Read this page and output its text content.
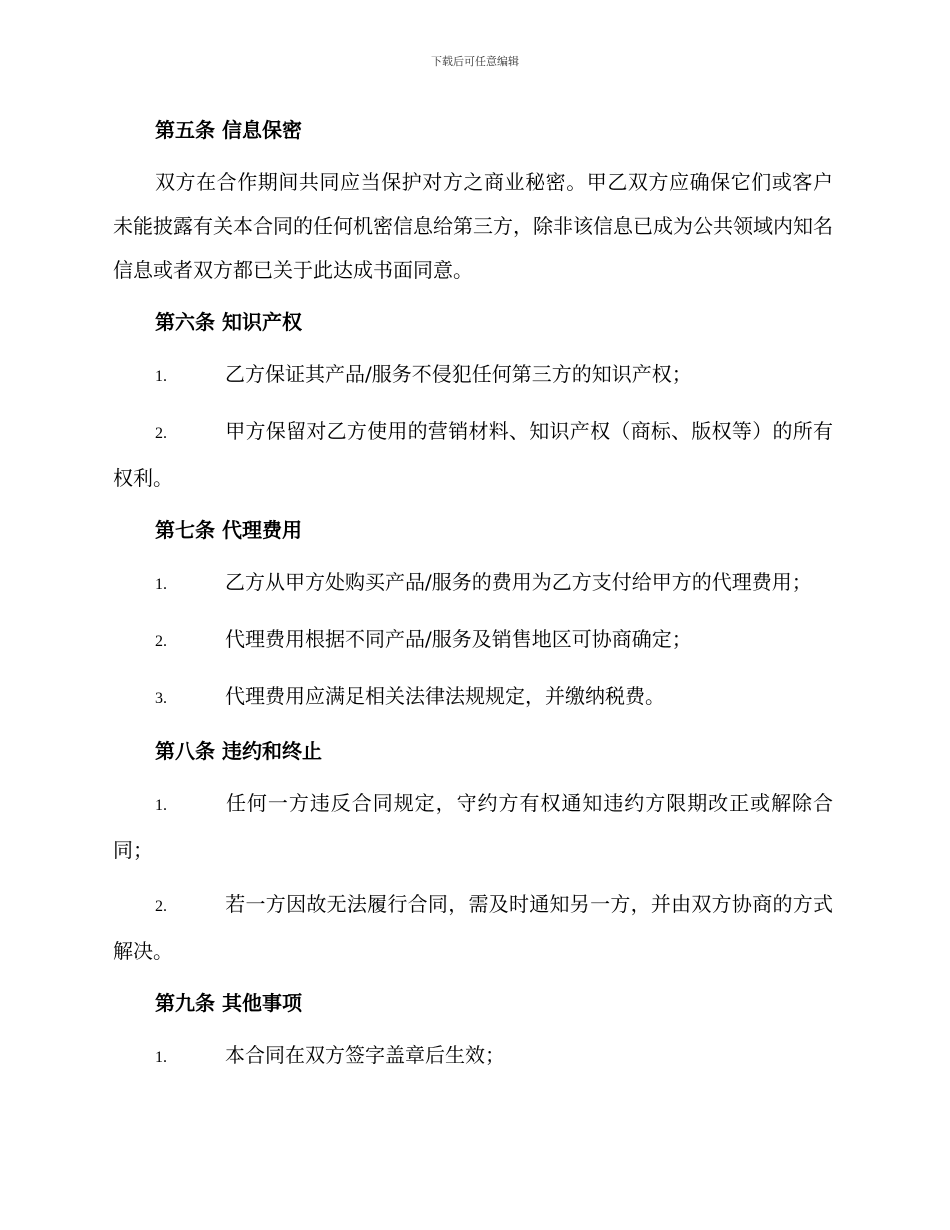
下载后可任意编辑
第五条 信息保密

双方在合作期间共同应当保护对方之商业秘密。甲乙双方应确保它们或客户未能披露有关本合同的任何机密信息给第三方，除非该信息已成为公共领域内知名信息或者双方都已关于此达成书面同意。

第六条 知识产权

1.	乙方保证其产品/服务不侵犯任何第三方的知识产权；

2.	甲方保留对乙方使用的营销材料、知识产权（商标、版权等）的所有权利。

第七条 代理费用

1.	乙方从甲方处购买产品/服务的费用为乙方支付给甲方的代理费用；

2.	代理费用根据不同产品/服务及销售地区可协商确定；

3.	代理费用应满足相关法律法规规定，并缴纳税费。

第八条 违约和终止

1.	任何一方违反合同规定，守约方有权通知违约方限期改正或解除合同；

2.	若一方因故无法履行合同，需及时通知另一方，并由双方协商的方式解决。

第九条 其他事项

1.	本合同在双方签字盖章后生效；
